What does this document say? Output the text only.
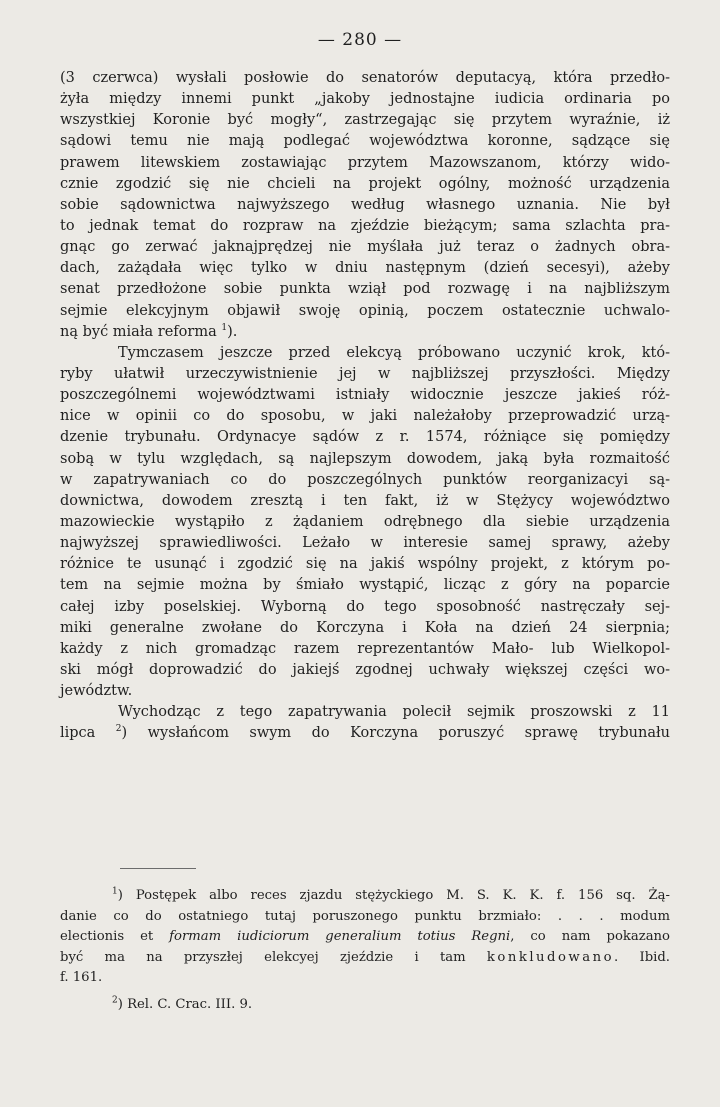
— 280 —
(3 czerwca) wysłali posłowie do senatorów deputacyą, która przedło-
żyła między innemi punkt „jakoby jednostajne iudicia ordinaria po
wszystkiej Koronie być mogły“, zastrzegając się przytem wyraźnie, iż
sądowi temu nie mają podlegać województwa koronne, sądzące się
prawem litewskiem zostawiając przytem Mazowszanom, którzy wido-
cznie zgodzić się nie chcieli na projekt ogólny, możność urządzenia
sobie sądownictwa najwyższego według własnego uznania. Nie był
to jednak temat do rozpraw na zjeździe bieżącym; sama szlachta pra-
gnąc go zerwać jaknajprędzej nie myślała już teraz o żadnych obra-
dach, zażądała więc tylko w dniu następnym (dzień secesyi), ażeby
senat przedłożone sobie punkta wziął pod rozwagę i na najbliższym
sejmie elekcyjnym objawił swoję opinią, poczem ostatecznie uchwalo-
ną być miała reforma $^1$).
Tymczasem jeszcze przed elekcyą próbowano uczynić krok, któ-
ryby ułatwił urzeczywistnienie jej w najbliższej przyszłości. Między
poszczególnemi województwami istniały widocznie jeszcze jakieś róż-
nice w opinii co do sposobu, w jaki należałoby przeprowadzić urzą-
dzenie trybunału. Ordynacye sądów z r. 1574, różniące się pomiędzy
sobą w tylu względach, są najlepszym dowodem, jaką była rozmaitość
w zapatrywaniach co do poszczególnych punktów reorganizacyi są-
downictwa, dowodem zresztą i ten fakt, iż w Stężycy województwo
mazowieckie wystąpiło z żądaniem odrębnego dla siebie urządzenia
najwyższej sprawiedliwości. Leżało w interesie samej sprawy, ażeby
różnice te usunąć i zgodzić się na jakiś wspólny projekt, z którym po-
tem na sejmie można by śmiało wystąpić, licząc z góry na poparcie
całej izby poselskiej. Wyborną do tego sposobność nastręczały sej-
miki generalne zwołane do Korczyna i Koła na dzień 24 sierpnia;
każdy z nich gromadząc razem reprezentantów Mało- lub Wielkopol-
ski mógł doprowadzić do jakiejś zgodnej uchwały większej części wo-
jewództw.
Wychodząc z tego zapatrywania polecił sejmik proszowski z 11
lipca $^2$) wysłańcom swym do Korczyna poruszyć sprawę trybunału
$^1$) Postępek albo reces zjazdu stężyckiego M. S. K. K. f. 156 sq. Żą-
danie co do ostatniego tutaj poruszonego punktu brzmiało: . . . modum
electionis et formam iudiciorum generalium totius Regni, co nam pokazano
być ma na przyszłej elekcyej zjeździe i tam konkludowano. Ibid.
f. 161.
$^2$) Rel. C. Crac. III. 9.
